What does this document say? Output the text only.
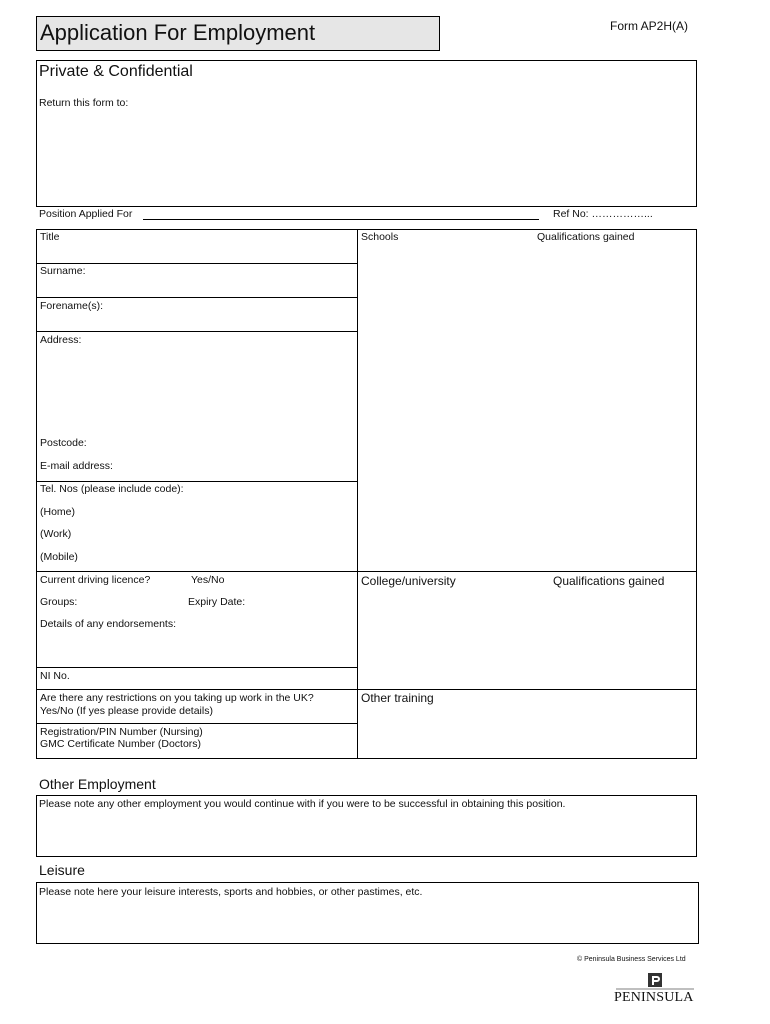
Application For Employment	Form AP2H(A)
Private & Confidential
Return this form to:
Position Applied For	Ref No: ……………...
Title
Surname:
Forename(s):
Address:
Postcode:
E-mail address:
Tel. Nos (please include code):
(Home)
(Work)
(Mobile)
Current driving licence?	Yes/No
Groups:	Expiry Date:
Details of any endorsements:
NI No.
Are there any restrictions on you taking up work in the UK?
Yes/No (If yes please provide details)
Registration/PIN Number (Nursing)
GMC Certificate Number (Doctors)
Schools	Qualifications gained
College/university	Qualifications gained
Other training
Other Employment
Please note any other employment you would continue with if you were to be successful in obtaining this position.
Leisure
Please note here your leisure interests, sports and hobbies, or other pastimes, etc.
© Peninsula Business Services Ltd
PENINSULA
